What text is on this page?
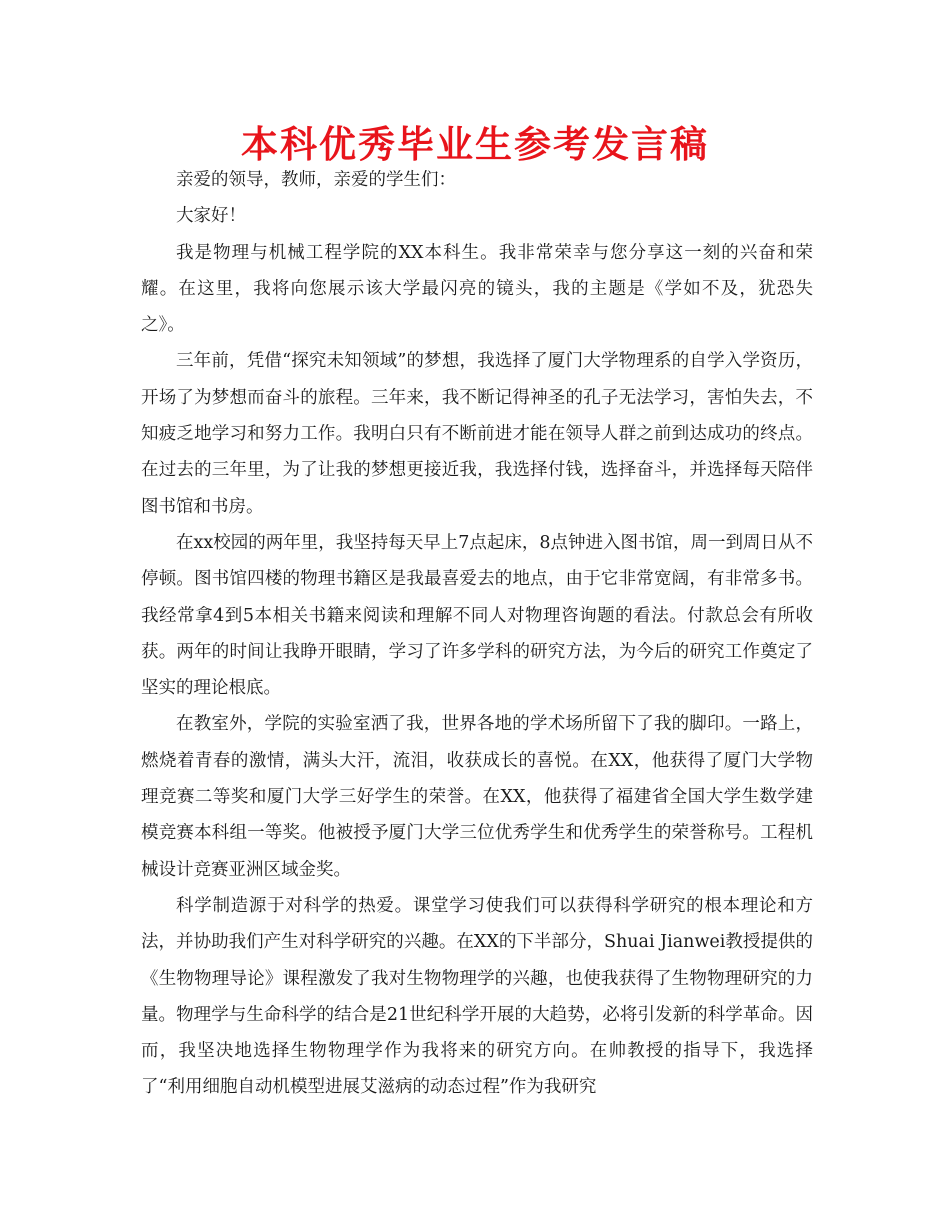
本科优秀毕业生参考发言稿

亲爱的领导，教师，亲爱的学生们：

大家好！

我是物理与机械工程学院的XX本科生。我非常荣幸与您分享这一刻的兴奋和荣耀。在这里，我将向您展示该大学最闪亮的镜头，我的主题是《学如不及，犹恐失之》。

三年前，凭借“探究未知领域”的梦想，我选择了厦门大学物理系的自学入学资历，开场了为梦想而奋斗的旅程。三年来，我不断记得神圣的孔子无法学习，害怕失去，不知疲乏地学习和努力工作。我明白只有不断前进才能在领导人群之前到达成功的终点。在过去的三年里，为了让我的梦想更接近我，我选择付钱，选择奋斗，并选择每天陪伴图书馆和书房。

在xx校园的两年里，我坚持每天早上7点起床，8点钟进入图书馆，周一到周日从不停顿。图书馆四楼的物理书籍区是我最喜爱去的地点，由于它非常宽阔，有非常多书。我经常拿4到5本相关书籍来阅读和理解不同人对物理咨询题的看法。付款总会有所收获。两年的时间让我睁开眼睛，学习了许多学科的研究方法，为今后的研究工作奠定了坚实的理论根底。

在教室外，学院的实验室洒了我，世界各地的学术场所留下了我的脚印。一路上，燃烧着青春的激情，满头大汗，流泪，收获成长的喜悦。在XX，他获得了厦门大学物理竞赛二等奖和厦门大学三好学生的荣誉。在XX，他获得了福建省全国大学生数学建模竞赛本科组一等奖。他被授予厦门大学三位优秀学生和优秀学生的荣誉称号。工程机械设计竞赛亚洲区域金奖。

科学制造源于对科学的热爱。课堂学习使我们可以获得科学研究的根本理论和方法，并协助我们产生对科学研究的兴趣。在XX的下半部分，Shuai Jianwei教授提供的《生物物理导论》课程激发了我对生物物理学的兴趣，也使我获得了生物物理研究的力量。物理学与生命科学的结合是21世纪科学开展的大趋势，必将引发新的科学革命。因而，我坚决地选择生物物理学作为我将来的研究方向。在帅教授的指导下，我选择了“利用细胞自动机模型进展艾滋病的动态过程”作为我研究
